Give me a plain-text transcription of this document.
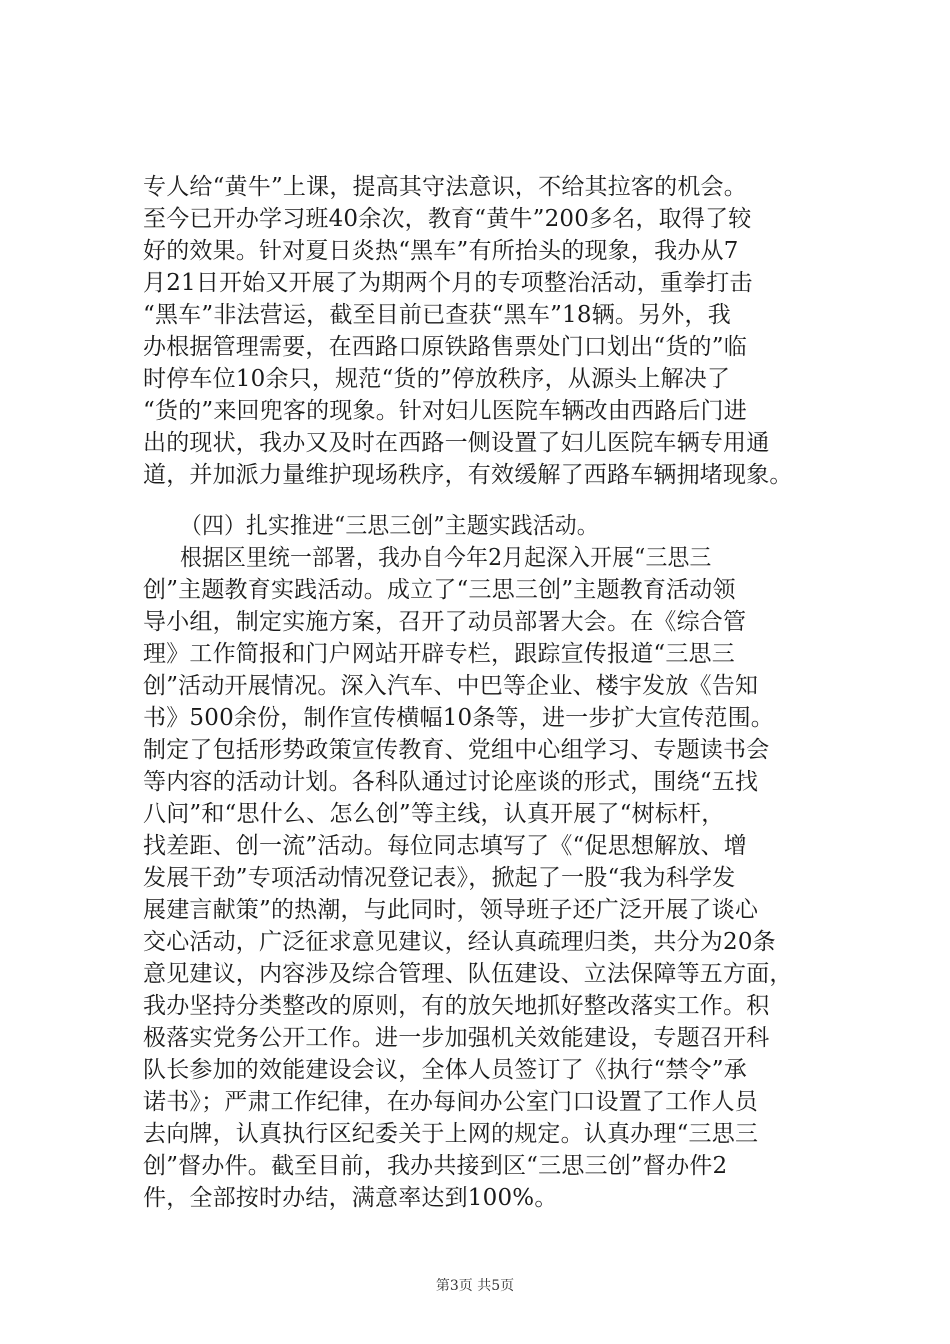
专人给“黄牛”上课，提高其守法意识，不给其拉客的机会。
至今已开办学习班40余次，教育“黄牛”200多名，取得了较
好的效果。针对夏日炎热“黑车”有所抬头的现象，我办从7
月21日开始又开展了为期两个月的专项整治活动，重拳打击
“黑车”非法营运，截至目前已查获“黑车”18辆。另外，我
办根据管理需要，在西路口原铁路售票处门口划出“货的”临
时停车位10余只，规范“货的”停放秩序，从源头上解决了
“货的”来回兜客的现象。针对妇儿医院车辆改由西路后门进
出的现状，我办又及时在西路一侧设置了妇儿医院车辆专用通
道，并加派力量维护现场秩序，有效缓解了西路车辆拥堵现象。
（四）扎实推进“三思三创”主题实践活动。
根据区里统一部署，我办自今年2月起深入开展“三思三
创”主题教育实践活动。成立了“三思三创”主题教育活动领
导小组，制定实施方案，召开了动员部署大会。在《综合管
理》工作简报和门户网站开辟专栏，跟踪宣传报道“三思三
创”活动开展情况。深入汽车、中巴等企业、楼宇发放《告知
书》500余份，制作宣传横幅10条等，进一步扩大宣传范围。
制定了包括形势政策宣传教育、党组中心组学习、专题读书会
等内容的活动计划。各科队通过讨论座谈的形式，围绕“五找
八问”和“思什么、怎么创”等主线，认真开展了“树标杆，
找差距、创一流”活动。每位同志填写了《“促思想解放、增
发展干劲”专项活动情况登记表》，掀起了一股“我为科学发
展建言献策”的热潮，与此同时，领导班子还广泛开展了谈心
交心活动，广泛征求意见建议，经认真疏理归类，共分为20条
意见建议，内容涉及综合管理、队伍建设、立法保障等五方面，
我办坚持分类整改的原则，有的放矢地抓好整改落实工作。积
极落实党务公开工作。进一步加强机关效能建设，专题召开科
队长参加的效能建设会议，全体人员签订了《执行“禁令”承
诺书》；严肃工作纪律，在办每间办公室门口设置了工作人员
去向牌，认真执行区纪委关于上网的规定。认真办理“三思三
创”督办件。截至目前，我办共接到区“三思三创”督办件2
件，全部按时办结，满意率达到100%。
第3页 共5页
